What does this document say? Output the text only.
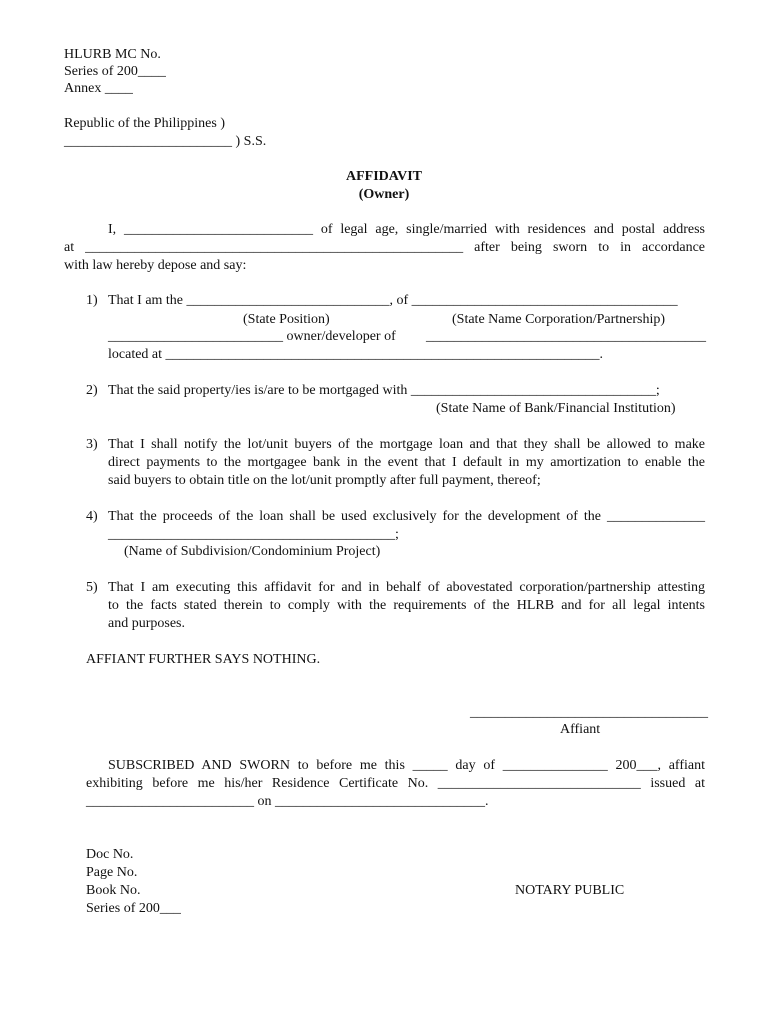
HLURB MC No.
Series of 200____
Annex ____
Republic of the Philippines )
________________________ ) S.S.
AFFIDAVIT
(Owner)
I, ___________________________ of legal age, single/married with residences and postal address
at ______________________________________________________ after being sworn to in accordance
with law hereby depose and say:
1) That I am the _____________________________, of ______________________________________
(State Position)	(State Name Corporation/Partnership)
_________________________ owner/developer of ________________________________________
located at ______________________________________________________________.
2) That the said property/ies is/are to be mortgaged with ___________________________________;
(State Name of Bank/Financial Institution)
3) That I shall notify the lot/unit buyers of the mortgage loan and that they shall be allowed to make
direct payments to the mortgagee bank in the event that I default in my amortization to enable the
said buyers to obtain title on the lot/unit promptly after full payment, thereof;
4) That the proceeds of the loan shall be used exclusively for the development of the ______________
_________________________________________;
(Name of Subdivision/Condominium Project)
5) That I am executing this affidavit for and in behalf of abovestated corporation/partnership attesting
to the facts stated therein to comply with the requirements of the HLRB and for all legal intents
and purposes.
AFFIANT FURTHER SAYS NOTHING.
__________________________________
Affiant
SUBSCRIBED AND SWORN to before me this _____ day of _______________ 200___, affiant
exhibiting before me his/her Residence Certificate No. _____________________________ issued at
________________________ on ______________________________.
Doc No.
Page No.
Book No.	NOTARY PUBLIC
Series of 200___
